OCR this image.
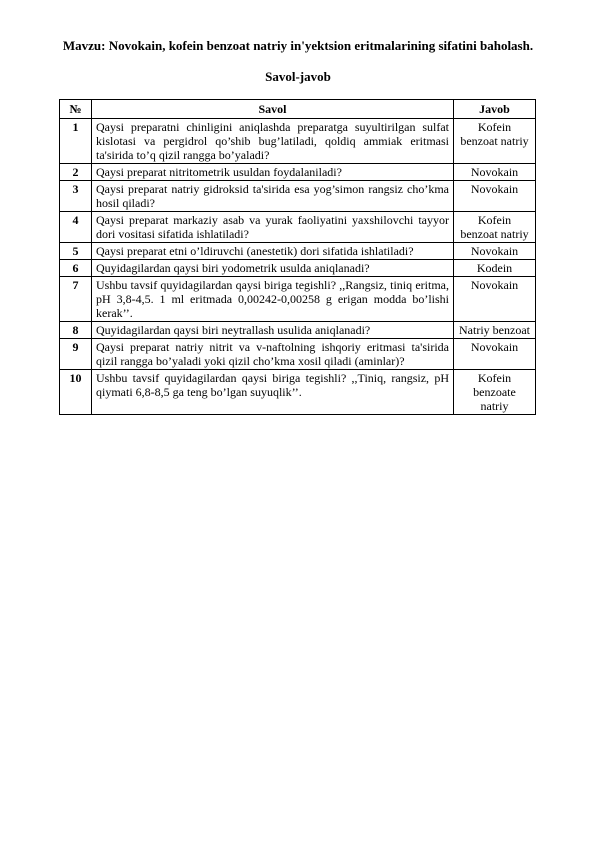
Mavzu: Novokain, kofein benzoat natriy in'yektsion eritmalarining sifatini baholash.
Savol-javob
№	Savol	Javob
1	Qaysi preparatni chinligini aniqlashda preparatga suyultirilgan sulfat kislotasi va pergidrol qo’shib bug’latiladi, qoldiq ammiak eritmasi ta'sirida to’q qizil rangga bo’yaladi?	Kofein benzoat natriy
2	Qaysi preparat nitritometrik usuldan foydalaniladi?	Novokain
3	Qaysi preparat natriy gidroksid ta'sirida esa yog’simon rangsiz cho’kma hosil qiladi?	Novokain
4	Qaysi preparat markaziy asab va yurak faoliyatini yaxshilovchi tayyor dori vositasi sifatida ishlatiladi?	Kofein benzoat natriy
5	Qaysi preparat etni o’ldiruvchi (anestetik) dori sifatida ishlatiladi?	Novokain
6	Quyidagilardan qaysi biri yodometrik usulda aniqlanadi?	Kodein
7	Ushbu tavsif quyidagilardan qaysi biriga tegishli? ,,Rangsiz, tiniq eritma, pH 3,8-4,5. 1 ml eritmada 0,00242-0,00258 g erigan modda bo’lishi kerak’’.	Novokain
8	Quyidagilardan qaysi biri neytrallash usulida aniqlanadi?	Natriy benzoat
9	Qaysi preparat natriy nitrit va v-naftolning ishqoriy eritmasi ta'sirida qizil rangga bo’yaladi yoki qizil cho’kma xosil qiladi (aminlar)?	Novokain
10	Ushbu tavsif quyidagilardan qaysi biriga tegishli? ,,Tiniq, rangsiz, pH qiymati 6,8-8,5 ga teng bo’lgan suyuqlik’’.	Kofein benzoate natriy
